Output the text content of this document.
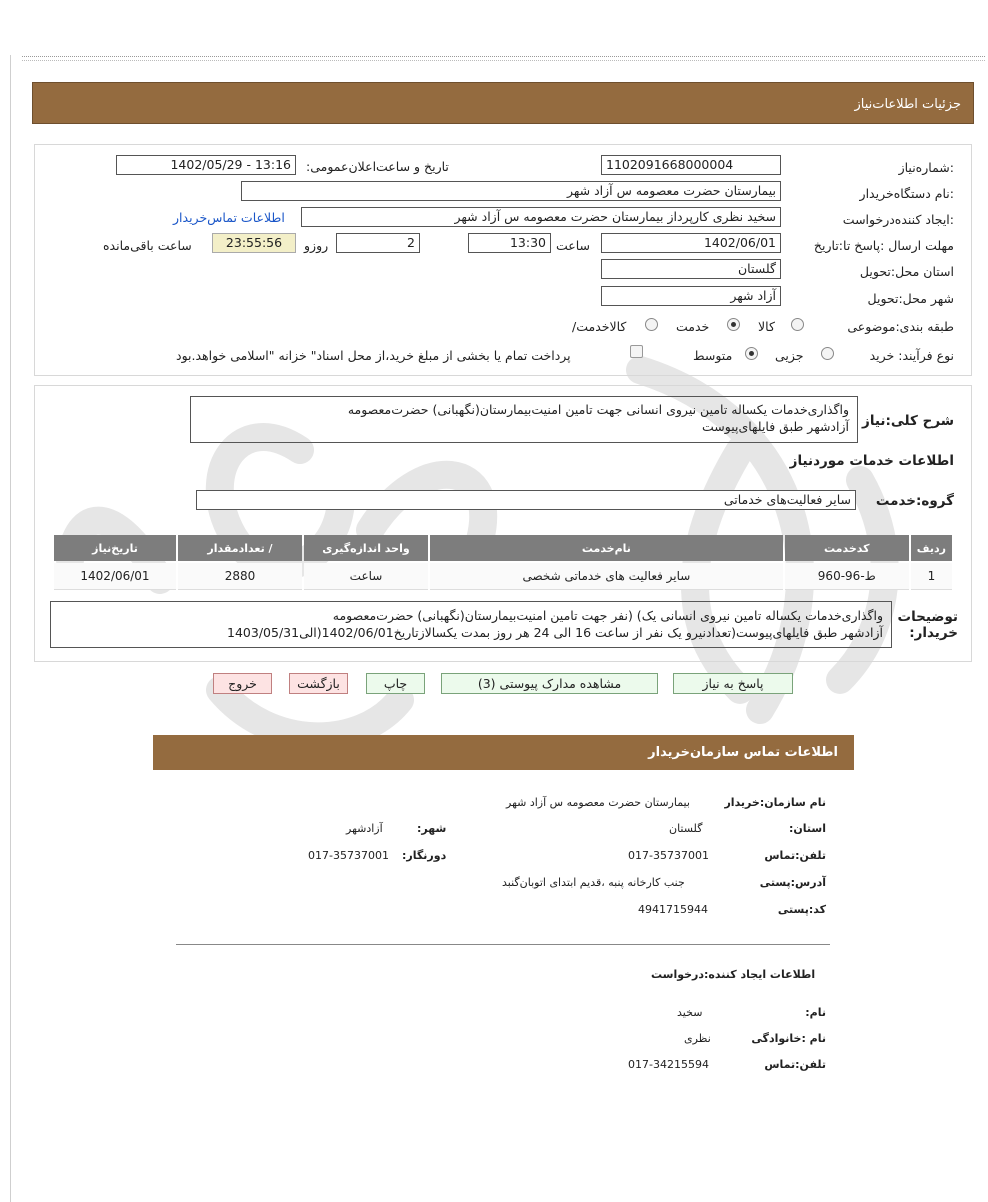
جزئیات اطلاعات‌نیاز
شماره‌نیاز:
1102091668000004
تاریخ و ساعت‌اعلان‌عمومی:
1402/05/29 - 13:16
نام دستگاه‌خریدار:
بیمارستان حضرت معصومه س آزاد شهر
ایجاد کننده‌درخواست:
سخید نظری کارپرداز بیمارستان حضرت معصومه س آزاد شهر
اطلاعات تماس‌خریدار
مهلت ارسال :پاسخ تا:تاریخ
1402/06/01
ساعت
13:30
2
روزو
23:55:56
ساعت باقی‌مانده
استان محل:تحویل
گلستان
شهر محل:تحویل
آزاد شهر
طبقه بندی:موضوعی
کالا
خدمت
/کالاخدمت
نوع فرآیند: خرید
جزیی
متوسط
پرداخت تمام یا بخشی از مبلغ خرید،از محل اسناد" خزانه "اسلامی خواهد.بود
شرح کلی:نیاز
واگذاری‌خدمات یکساله تامین نیروی انسانی جهت تامین امنیت‌بیمارستان(نگهبانی) حضرت‌معصومه
آزادشهر طبق فایلهای‌پیوست
اطلاعات خدمات موردنیاز
گروه:خدمت
سایر فعالیت‌های خدماتی
ردیف	کدخدمت	نام‌خدمت	واحد اندازه‌گیری	/ تعدادمقدار	تاریخ‌نیاز
1	ط-96-960	سایر فعالیت های خدماتی شخصی	ساعت	2880	1402/06/01
توضیحات
:خریدار
واگذاری‌خدمات یکساله تامین نیروی انسانی یک) (نفر جهت تامین امنیت‌بیمارستان(نگهبانی) حضرت‌معصومه
آزادشهر طبق فایلهای‌پیوست(تعدادنیرو یک نفر از ساعت 16 الی 24 هر روز بمدت یکسالازتاریخ1402/06/01(الی1403/05/31
پاسخ به نیاز
مشاهده مدارک پیوستی (3)
چاپ
بازگشت
خروج
اطلاعات تماس سازمان‌خریدار
نام سازمان:خریدار
بیمارستان حضرت معصومه س آزاد شهر
:استان
گلستان
:شهر
آزادشهر
تلفن:تماس
017-35737001
:دورنگار
017-35737001
آدرس:پستی
جنب کارخانه پنبه ،قدیم ابتدای اتوبان‌گنبد
کد:پستی
4941715944
اطلاعات ایجاد کننده:درخواست
:نام
سخید
نام :خانوادگی
نظری
تلفن:تماس
017-34215594
